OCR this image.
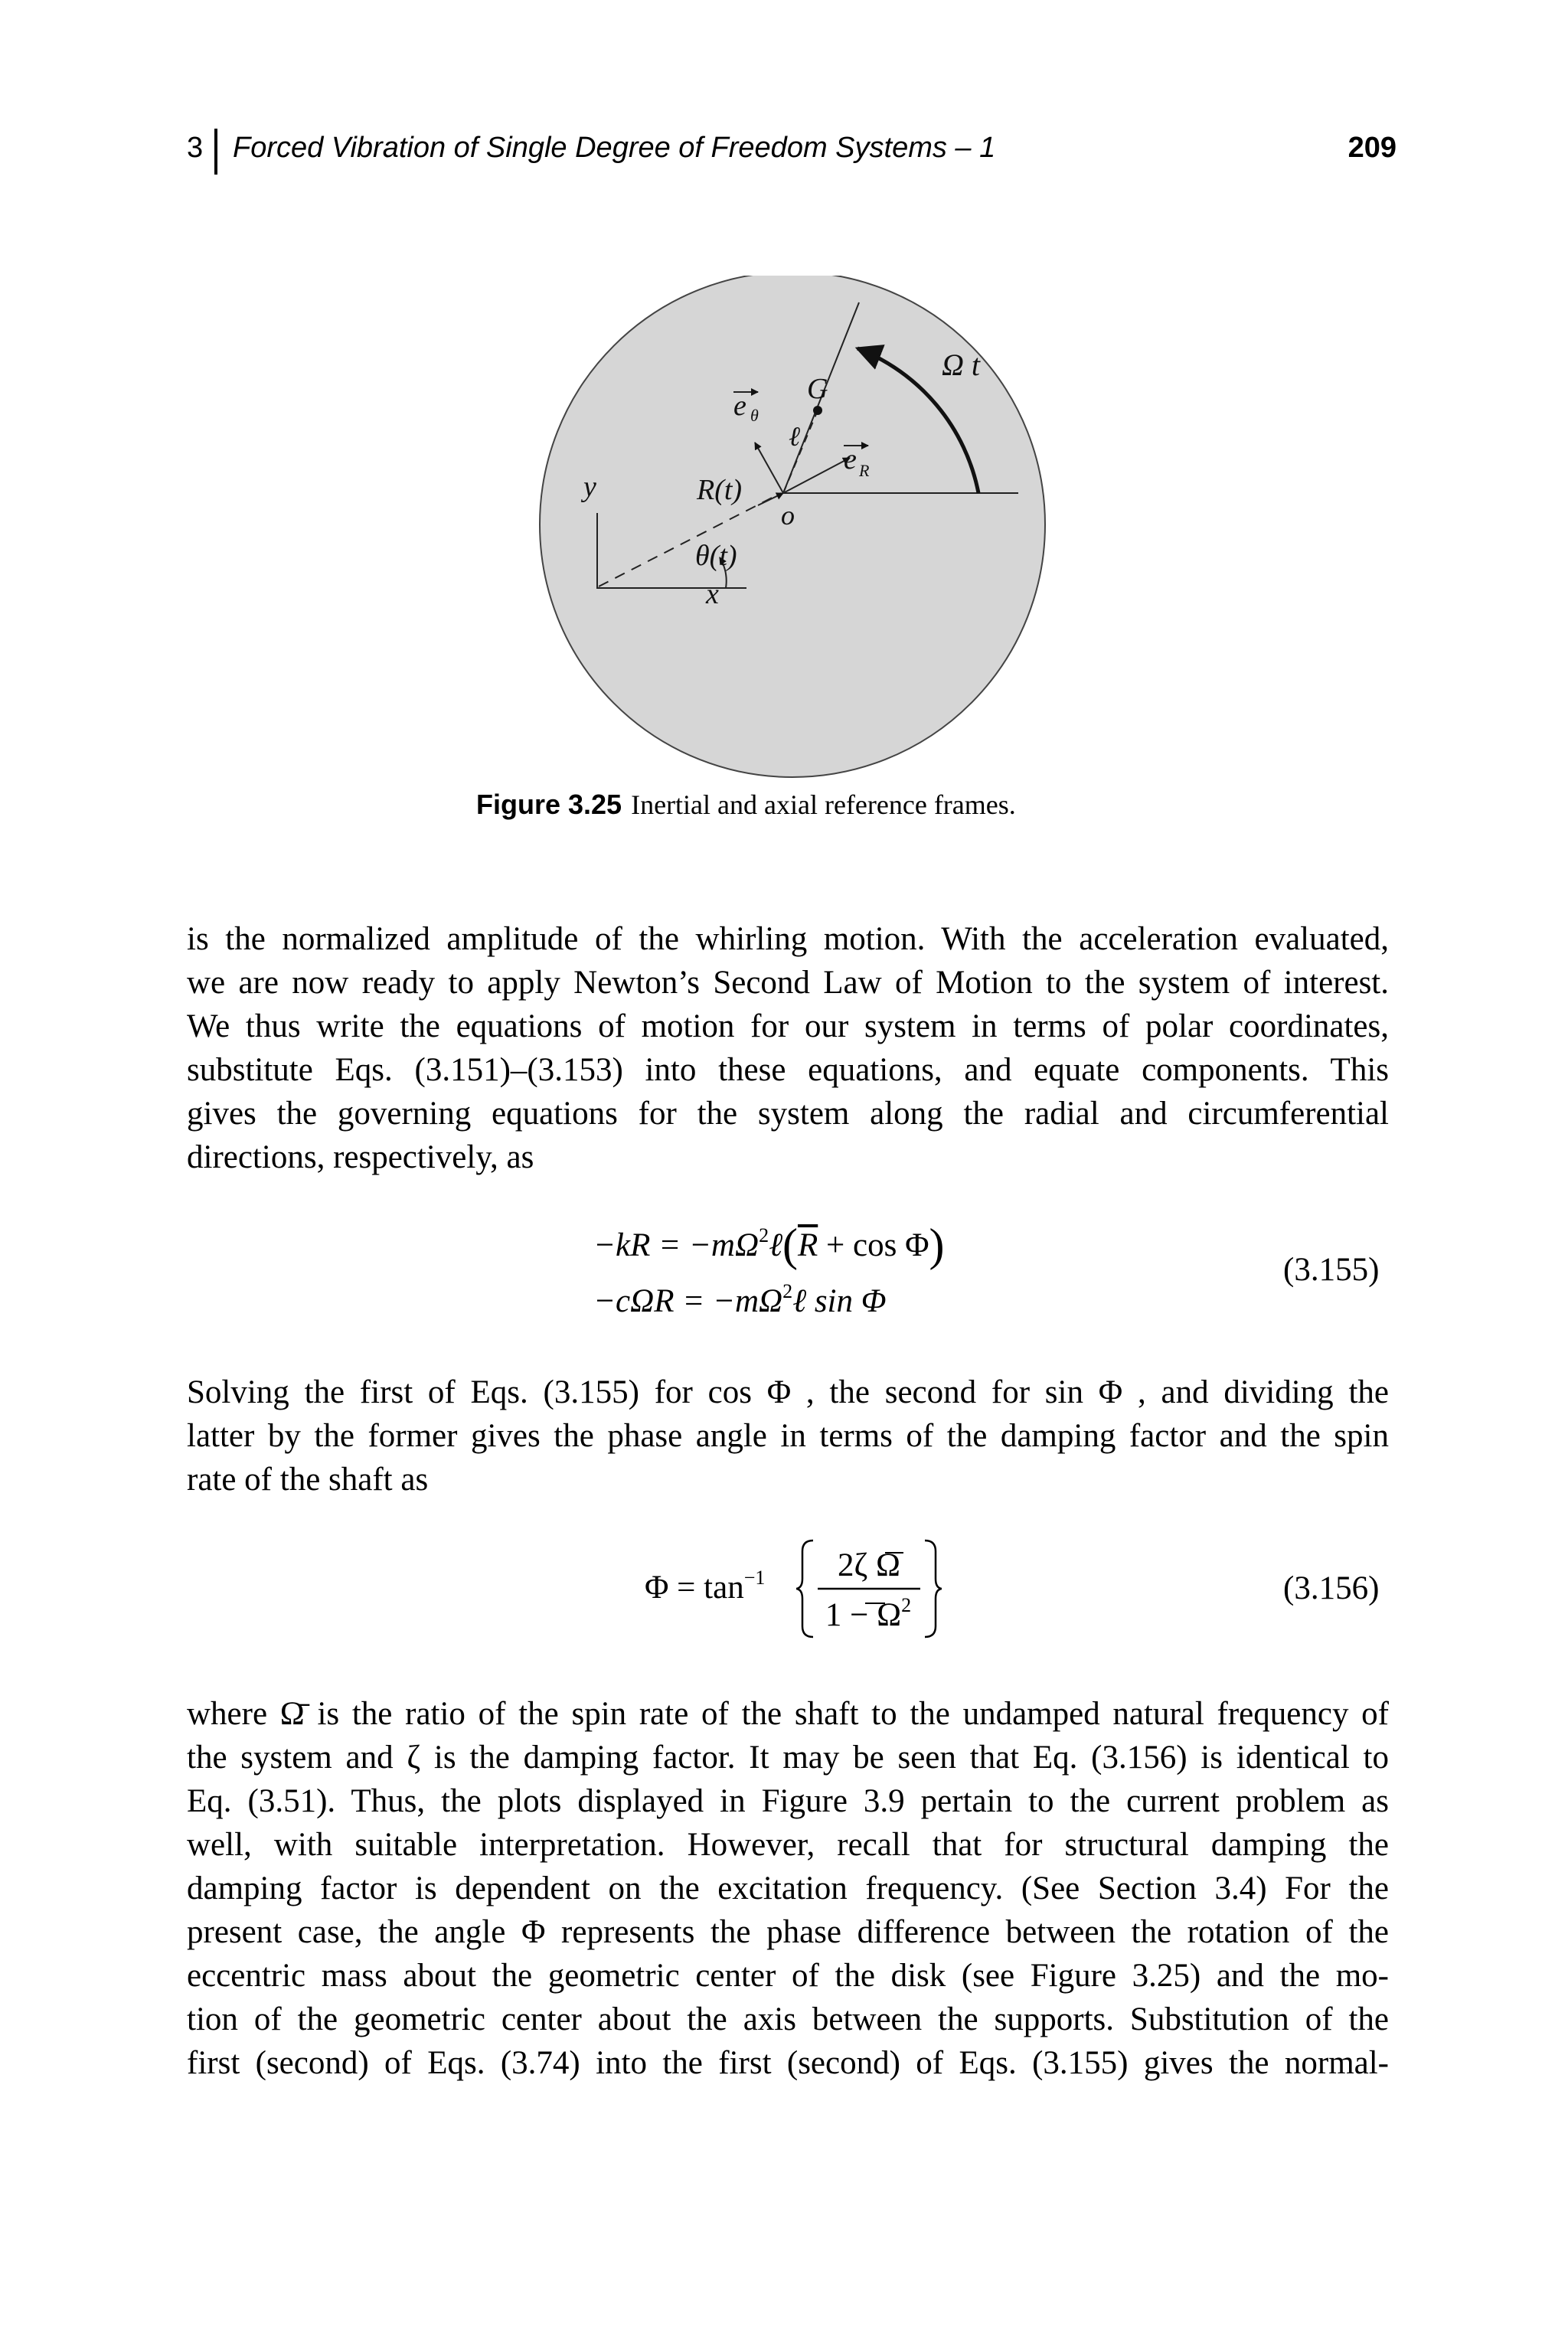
3 Forced Vibration of Single Degree of Freedom Systems – 1	209
Ω t
e θ
G
ℓ
e R
y	R(t)
o
θ(t)
x
Figure 3.25 Inertial and axial reference frames.
is the normalized amplitude of the whirling motion. With the acceleration evaluated,
we are now ready to apply Newton’s Second Law of Motion to the system of interest.
We thus write the equations of motion for our system in terms of polar coordinates,
substitute Eqs. (3.151)–(3.153) into these equations, and equate components. This
gives the governing equations for the system along the radial and circumferential
directions, respectively, as
$-kR = -m\Omega^2\ell(\overline{R} + \cos \Phi)$
$-c\Omega R = -m\Omega^2\ell$ sin Φ
(3.155)
Solving the first of Eqs. (3.155) for cos Φ , the second for sin Φ , and dividing the
latter by the former gives the phase angle in terms of the damping factor and the spin
rate of the shaft as
$\Phi = \tan^{-1}$	2ζ Ω
$1 - \Omega^2$	(3.156)
where Ω̄ is the ratio of the spin rate of the shaft to the undamped natural frequency of
the system and ζ is the damping factor. It may be seen that Eq. (3.156) is identical to
Eq. (3.51). Thus, the plots displayed in Figure 3.9 pertain to the current problem as
well, with suitable interpretation. However, recall that for structural damping the
damping factor is dependent on the excitation frequency. (See Section 3.4) For the
present case, the angle Φ represents the phase difference between the rotation of the
eccentric mass about the geometric center of the disk (see Figure 3.25) and the mo-
tion of the geometric center about the axis between the supports. Substitution of the
first (second) of Eqs. (3.74) into the first (second) of Eqs. (3.155) gives the normal-
